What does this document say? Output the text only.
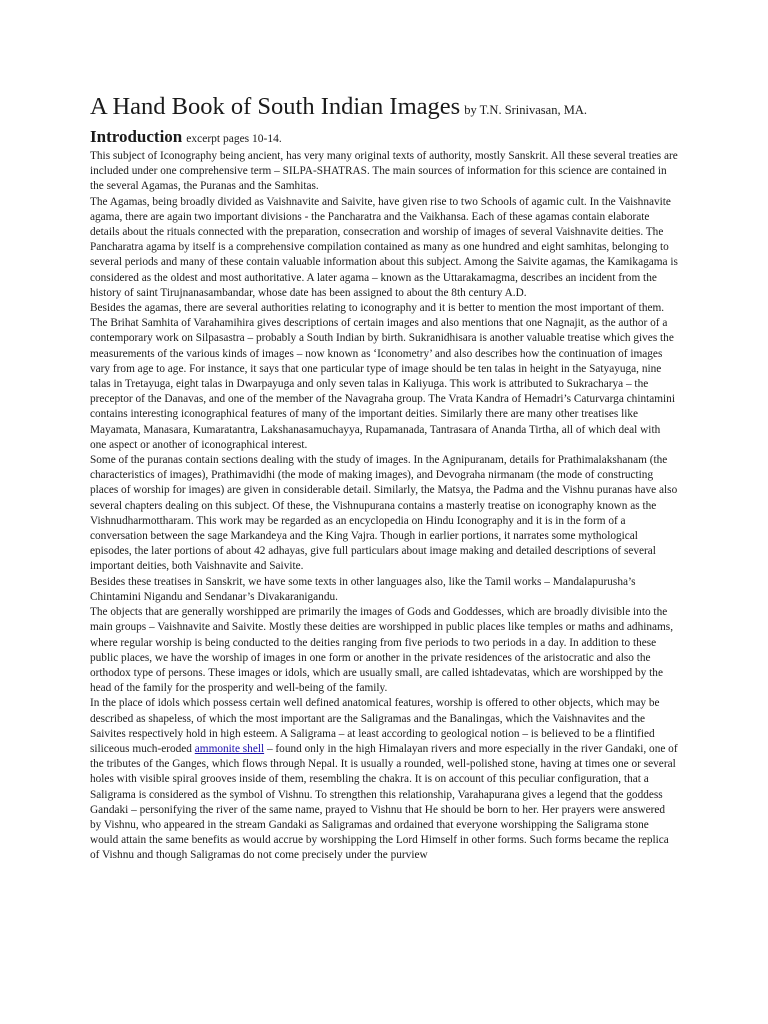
A Hand Book of South Indian Images by T.N. Srinivasan, MA.

Introduction excerpt pages 10-14.

This subject of Iconography being ancient, has very many original texts of authority, mostly Sanskrit. All these several treaties are included under one comprehensive term – SILPA-SHATRAS. The main sources of information for this science are contained in the several Agamas, the Puranas and the Samhitas.

The Agamas, being broadly divided as Vaishnavite and Saivite, have given rise to two Schools of agamic cult. In the Vaishnavite agama, there are again two important divisions - the Pancharatra and the Vaikhansa. Each of these agamas contain elaborate details about the rituals connected with the preparation, consecration and worship of images of several Vaishnavite deities. The Pancharatra agama by itself is a comprehensive compilation contained as many as one hundred and eight samhitas, belonging to several periods and many of these contain valuable information about this subject. Among the Saivite agamas, the Kamikagama is considered as the oldest and most authoritative. A later agama – known as the Uttarakamagma, describes an incident from the history of saint Tirujnanasambandar, whose date has been assigned to about the 8th century A.D.

Besides the agamas, there are several authorities relating to iconography and it is better to mention the most important of them. The Brihat Samhita of Varahamihira gives descriptions of certain images and also mentions that one Nagnajit, as the author of a contemporary work on Silpasastra – probably a South Indian by birth. Sukranidhisara is another valuable treatise which gives the measurements of the various kinds of images – now known as ‘Iconometry’ and also describes how the continuation of images vary from age to age. For instance, it says that one particular type of image should be ten talas in height in the Satyayuga, nine talas in Tretayuga, eight talas in Dwarpayuga and only seven talas in Kaliyuga. This work is attributed to Sukracharya – the preceptor of the Danavas, and one of the member of the Navagraha group. The Vrata Kandra of Hemadri’s Caturvarga chintamini contains interesting iconographical features of many of the important deities. Similarly there are many other treatises like Mayamata, Manasara, Kumaratantra, Lakshanasamuchayya, Rupamanada, Tantrasara of Ananda Tirtha, all of which deal with one aspect or another of iconographical interest.

Some of the puranas contain sections dealing with the study of images. In the Agnipuranam, details for Prathimalakshanam (the characteristics of images), Prathimavidhi (the mode of making images), and Devograha nirmanam (the mode of constructing places of worship for images) are given in considerable detail. Similarly, the Matsya, the Padma and the Vishnu puranas have also several chapters dealing on this subject. Of these, the Vishnupurana contains a masterly treatise on iconography known as the Vishnudharmottharam. This work may be regarded as an encyclopedia on Hindu Iconography and it is in the form of a conversation between the sage Markandeya and the King Vajra. Though in earlier portions, it narrates some mythological episodes, the later portions of about 42 adhayas, give full particulars about image making and detailed descriptions of several important deities, both Vaishnavite and Saivite.

Besides these treatises in Sanskrit, we have some texts in other languages also, like the Tamil works – Mandalapurusha’s Chintamini Nigandu and Sendanar’s Divakaranigandu.

The objects that are generally worshipped are primarily the images of Gods and Goddesses, which are broadly divisible into the main groups – Vaishnavite and Saivite. Mostly these deities are worshipped in public places like temples or maths and adhinams, where regular worship is being conducted to the deities ranging from five periods to two periods in a day. In addition to these public places, we have the worship of images in one form or another in the private residences of the aristocratic and also the orthodox type of persons. These images or idols, which are usually small, are called ishtadevatas, which are worshipped by the head of the family for the prosperity and well-being of the family.

In the place of idols which possess certain well defined anatomical features, worship is offered to other objects, which may be described as shapeless, of which the most important are the Saligramas and the Banalingas, which the Vaishnavites and the Saivites respectively hold in high esteem. A Saligrama – at least according to geological notion – is believed to be a flintified siliceous much-eroded ammonite shell – found only in the high Himalayan rivers and more especially in the river Gandaki, one of the tributes of the Ganges, which flows through Nepal. It is usually a rounded, well-polished stone, having at times one or several holes with visible spiral grooves inside of them, resembling the chakra. It is on account of this peculiar configuration, that a Saligrama is considered as the symbol of Vishnu. To strengthen this relationship, Varahapurana gives a legend that the goddess Gandaki – personifying the river of the same name, prayed to Vishnu that He should be born to her. Her prayers were answered by Vishnu, who appeared in the stream Gandaki as Saligramas and ordained that everyone worshipping the Saligrama stone would attain the same benefits as would accrue by worshipping the Lord Himself in other forms. Such forms became the replica of Vishnu and though Saligramas do not come precisely under the purview
